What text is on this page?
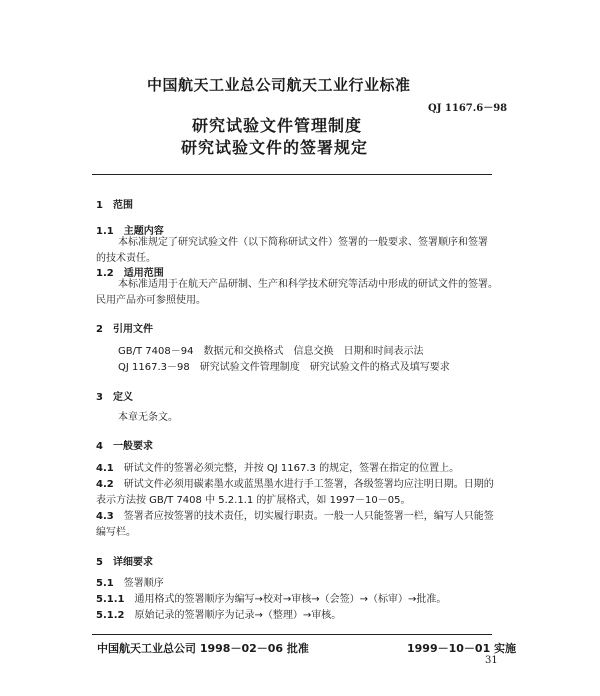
中国航天工业总公司航天工业行业标准
QJ 1167.6－98
研究试验文件管理制度
研究试验文件的签署规定
1　 范围
1.1　 主题内容
本标准规定了研究试验文件（以下简称研试文件）签署的一般要求、签署顺序和签署
的技术责任。
1.2　 适用范围
本标准适用于在航天产品研制、生产和科学技术研究等活动中形成的研试文件的签署。
民用产品亦可参照使用。
2　 引用文件
GB/T 7408－94　数据元和交换格式　信息交换　日期和时间表示法
QJ 1167.3－98　研究试验文件管理制度　研究试验文件的格式及填写要求
3　 定义
本章无条文。
4　 一般要求
4.1　 研试文件的签署必须完整，并按 QJ 1167.3 的规定，签署在指定的位置上。
4.2　 研试文件必须用碳素墨水或蓝黑墨水进行手工签署，各级签署均应注明日期。日期的
表示方法按 GB/T 7408 中 5.2.1.1 的扩展格式，如 1997－10－05。
4.3　 签署者应按签署的技术责任，切实履行职责。一般一人只能签署一栏，编写人只能签
编写栏。
5　 详细要求
5.1　 签署顺序
5.1.1　 通用格式的签署顺序为编写→校对→审核→（会签）→（标审）→批准。
5.1.2　 原始记录的签署顺序为记录→（整理）→审核。
中国航天工业总公司 1998－02－06 批准	1999－10－01 实施
31
